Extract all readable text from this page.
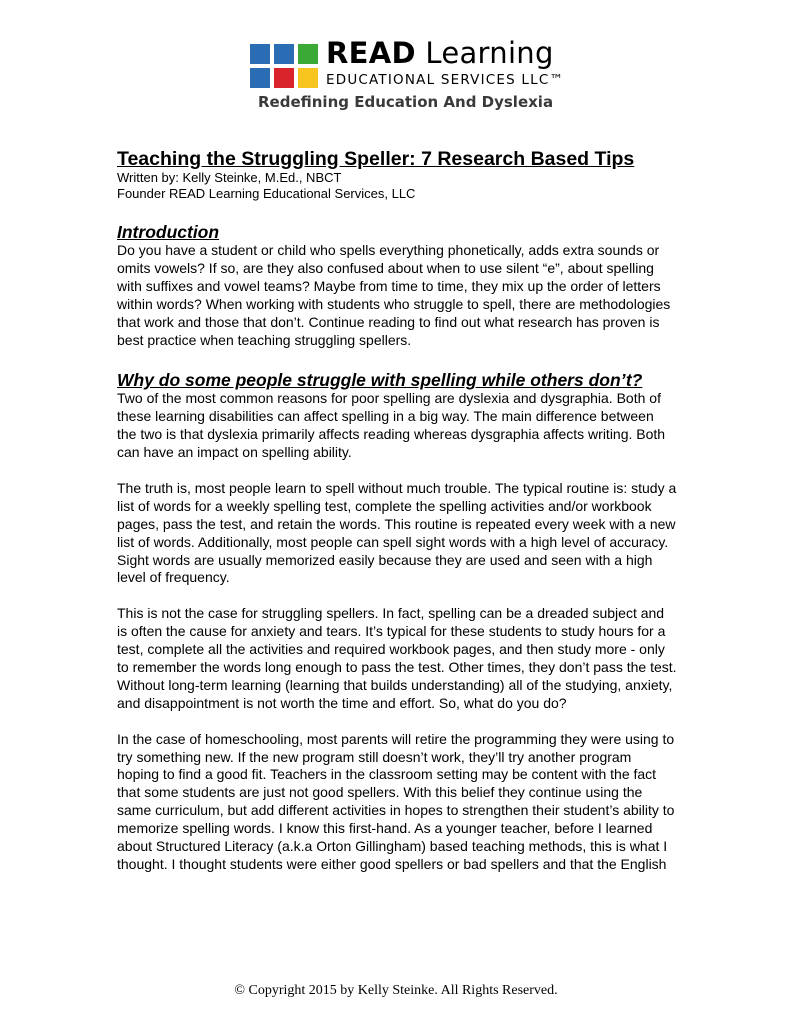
READ Learning
EDUCATIONAL SERVICES LLC™
Redefining Education And Dyslexia
Teaching the Struggling Speller: 7 Research Based Tips

Written by: Kelly Steinke, M.Ed., NBCT

Founder READ Learning Educational Services, LLC

Introduction

Do you have a student or child who spells everything phonetically, adds extra sounds or omits vowels? If so, are they also confused about when to use silent “e”, about spelling with suffixes and vowel teams? Maybe from time to time, they mix up the order of letters within words? When working with students who struggle to spell, there are methodologies that work and those that don’t. Continue reading to find out what research has proven is best practice when teaching struggling spellers.

Why do some people struggle with spelling while others don’t?

Two of the most common reasons for poor spelling are dyslexia and dysgraphia. Both of these learning disabilities can affect spelling in a big way. The main difference between the two is that dyslexia primarily affects reading whereas dysgraphia affects writing. Both can have an impact on spelling ability.

The truth is, most people learn to spell without much trouble. The typical routine is: study a list of words for a weekly spelling test, complete the spelling activities and/or workbook pages, pass the test, and retain the words. This routine is repeated every week with a new list of words. Additionally, most people can spell sight words with a high level of accuracy. Sight words are usually memorized easily because they are used and seen with a high level of frequency.

This is not the case for struggling spellers. In fact, spelling can be a dreaded subject and is often the cause for anxiety and tears. It’s typical for these students to study hours for a test, complete all the activities and required workbook pages, and then study more - only to remember the words long enough to pass the test. Other times, they don’t pass the test. Without long-term learning (learning that builds understanding) all of the studying, anxiety, and disappointment is not worth the time and effort. So, what do you do?

In the case of homeschooling, most parents will retire the programming they were using to try something new. If the new program still doesn’t work, they’ll try another program hoping to find a good fit. Teachers in the classroom setting may be content with the fact that some students are just not good spellers. With this belief they continue using the same curriculum, but add different activities in hopes to strengthen their student’s ability to memorize spelling words. I know this first-hand. As a younger teacher, before I learned about Structured Literacy (a.k.a Orton Gillingham) based teaching methods, this is what I thought. I thought students were either good spellers or bad spellers and that the English

© Copyright 2015 by Kelly Steinke. All Rights Reserved.
